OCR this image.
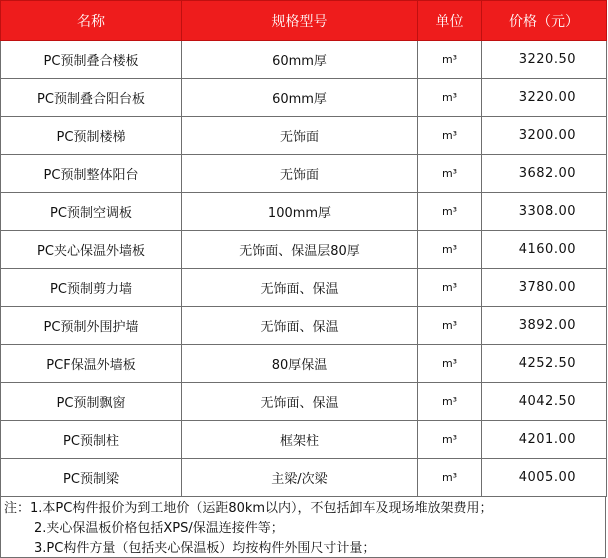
名称	规格型号	单位	价格（元）
PC预制叠合楼板	60mm厚	m³	3220.50
PC预制叠合阳台板	60mm厚	m³	3220.00
PC预制楼梯	无饰面	m³	3200.00
PC预制整体阳台	无饰面	m³	3682.00
PC预制空调板	100mm厚	m³	3308.00
PC夹心保温外墙板	无饰面、保温层80厚	m³	4160.00
PC预制剪力墙	无饰面、保温	m³	3780.00
PC预制外围护墙	无饰面、保温	m³	3892.00
PCF保温外墙板	80厚保温	m³	4252.50
PC预制飘窗	无饰面、保温	m³	4042.50
PC预制柱	框架柱	m³	4201.00
PC预制梁	主梁/次梁	m³	4005.00
注：1.本PC构件报价为到工地价（运距80km以内），不包括卸车及现场堆放架费用；
2.夹心保温板价格包括XPS/保温连接件等；
3.PC构件方量（包括夹心保温板）均按构件外围尺寸计量；
